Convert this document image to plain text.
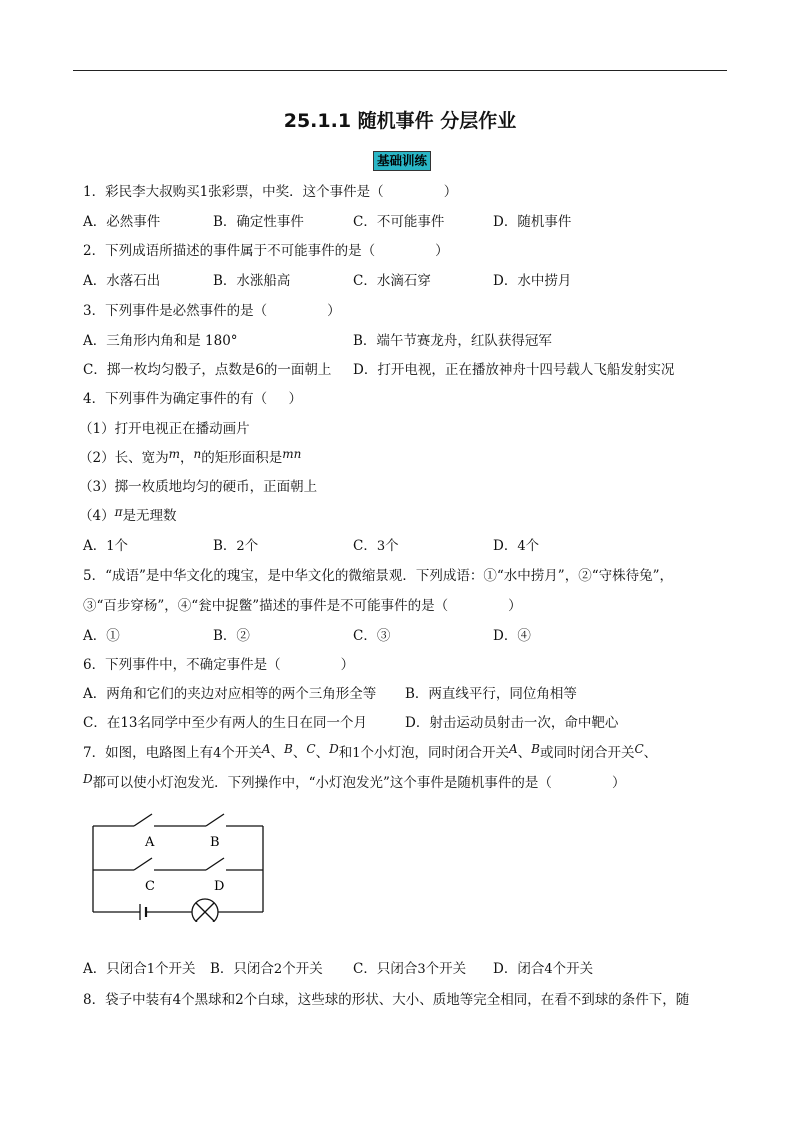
25.1.1 随机事件 分层作业
基础训练
1．彩民李大叔购买1张彩票，中奖．这个事件是（              ）
A．必然事件	B．确定性事件	C．不可能事件	D．随机事件
2．下列成语所描述的事件属于不可能事件的是（              ）
A．水落石出	B．水涨船高	C．水滴石穿	D．水中捞月
3．下列事件是必然事件的是（              ）
A．三角形内角和是 180°	B．端午节赛龙舟，红队获得冠军
C．掷一枚均匀骰子，点数是6的一面朝上 D．打开电视，正在播放神舟十四号载人飞船发射实况
4．下列事件为确定事件的有（     ）
（1）打开电视正在播动画片
（2）长、宽为m，n的矩形面积是mn
（3）掷一枚质地均匀的硬币，正面朝上
（4）π是无理数
A．1个	B．2个	C．3个	D．4个
5．“成语”是中华文化的瑰宝，是中华文化的微缩景观．下列成语：①“水中捞月”，②“守株待兔”，
③“百步穿杨”，④“瓮中捉鳖”描述的事件是不可能事件的是（              ）
A．①	B．②	C．③	D．④
6．下列事件中，不确定事件是（              ）
A．两角和它们的夹边对应相等的两个三角形全等 B．两直线平行，同位角相等
C．在13名同学中至少有两人的生日在同一个月	D．射击运动员射击一次，命中靶心
7．如图，电路图上有4个开关A、B、C、D和1个小灯泡，同时闭合开关A、B或同时闭合开关C、
D都可以使小灯泡发光．下列操作中，“小灯泡发光”这个事件是随机事件的是（              ）
A	B
C	D
A．只闭合1个开关 B．只闭合2个开关 C．只闭合3个开关 D．闭合4个开关
8．袋子中装有4个黑球和2个白球，这些球的形状、大小、质地等完全相同，在看不到球的条件下，随
